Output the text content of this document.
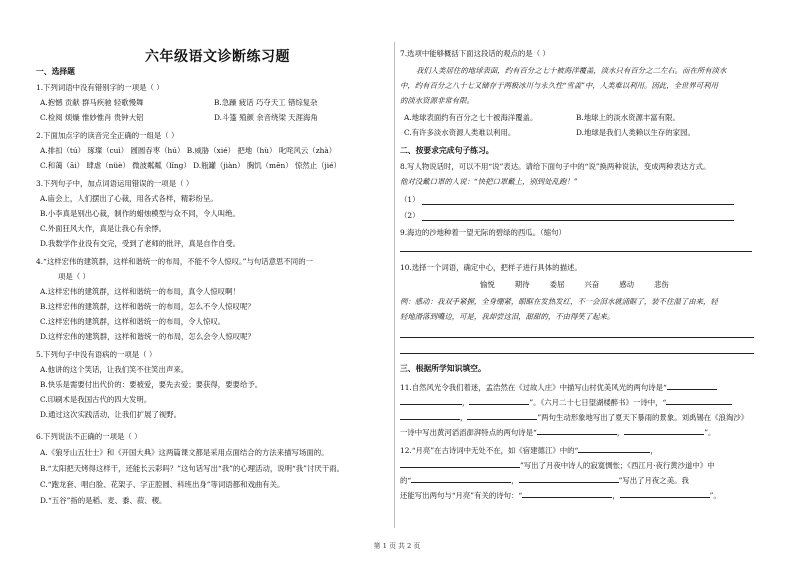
六年级语文诊断练习题
一、选择题
1.下列词语中没有错别字的一项是（ ）
A.抱憾 贡献 群马疾驰 轻歌慢舞	B.急躁 疲话 巧夺天工 错综复杂
C.检阅 烦燥 惟妙惟肖 贵钟大铝	D.斗篷 殖颜 余音绕梁 天涯海角
2.下面加点字的读音完全正确的一组是（ ）
A.排扣（tú） 琢璨（cuì） 圆圆吞枣（hú） B.威胁（xié） 把地（hù） 叱咤风云（zhà）
C.和蔼（āi） 肆虐（nüè） 微波粼粼（lǐng） D.瓶罐（jiàn） 胸饥（mēn） 惊然止（jié）
3.下列句子中，加点词语运用错误的一项是（ ）
A.庙会上，人们摆出了心裁，用各式各样，精彩纷呈。
B.小李真是别出心裁，制作的蜡烛模型与众不同，令人叫绝。
C.外面狂风大作，真是让我心有余悸。
D.我数学作业没有交完，受到了老师的批评，真是自作自受。
4.“这样宏伟的建筑群，这样和谐统一的布局，不能不令人惊叹。”与句话意思不同的一
项是（ ）
A.这样宏伟的建筑群，这样和谐统一的布局，真令人惊叹啊！
B.这样宏伟的建筑群，这样和谐统一的布局，怎么不令人惊叹呢？
C.这样宏伟的建筑群，这样和谐统一的布局，令人惊叹。
D.这样宏伟的建筑群，这样和谐统一的布局，怎么会令人惊叹呢？
5.下列句子中没有语病的一项是（ ）
A.他讲的这个笑话，让我们笑不住笑出声来。
B.快乐是需要付出代价的：要被爱，要先去爱；要获得，要要给予。
C.印刷术是我国古代的四大发明。
D.通过这次实践活动，让我们扩展了视野。
6.下列说法不正确的一项是（ ）
A.《狼牙山五壮士》和《开国大典》这两篇课文都是采用点面结合的方法来描写场面的。
B.“太阳把天烤得这样干，还能长云彩吗？”这句话写出“我”的心理活动，说明“我”讨厌干雨。
C.“跑龙套、唱白脸、花架子、字正腔圆、科班出身”等词语都和戏曲有关。
D.“五谷”指的是稻、麦、黍、菽、稷。
7.选项中能够概括下面这段话的观点的是（ ）
我们人类居住的地球表面，约有百分之七十被海洋覆盖，淡水只有百分之二左右。而在所有淡水
中，约有百分之八十七又储存于两极冰川与永久性“雪盖”中，人类难以利用。因此，全世界可利用
的淡水资源非常有限。
A.地球表面约有百分之七十被海洋覆盖。	B.地球上的淡水资源丰富有限。
C.有许多淡水资源人类难以利用。	D.地球是我们人类赖以生存的家园。
二、按要求完成句子练习。
8.写人物说话时，可以不用“说”表达。请给下面句子中的“说”换两种说法，变成两种表达方式。
他对没戴口罩的人说：“快把口罩戴上，别到处乱跑！”
（1）
（2）
9.海边的沙地种着一望无际的碧绿的西瓜。（缩句）
10.选择一个词语，确定中心，把样子进行具体的描述。
愉悦	期待	委屈	兴奋	感动	悲伤
例：感动：我双手紧握，全身绷紧，眼眶在发热发红，不一会泪水就涌眶了，装不住温了由来，轻
轻地滑落到嘴边，可是，我却尝这泪，甜甜的，不由得笑了起来。
三、根据所学知识填空。
11.自然风光令我们着迷，孟浩然在《过故人庄》中描写山村优美风光的两句诗是“
，	”。《六月二十七日望湖楼醉书》一诗中，“
，	”两句生动形象地写出了夏天下暴雨的景象。刘禹锡在《浪淘沙》
一诗中写出黄河滔滔澎湃特点的两句诗是“	，	”。
12.“月亮”在古诗词中无处不在，如《宿建德江》中的“	，
”写出了月夜中诗人的寂寞惆怅；《西江月·夜行黄沙道中》中
的“	，	”写出了月夜之美。我
还能写出两句与“月亮”有关的诗句：“	，	”。
第 1 页 共 2 页
